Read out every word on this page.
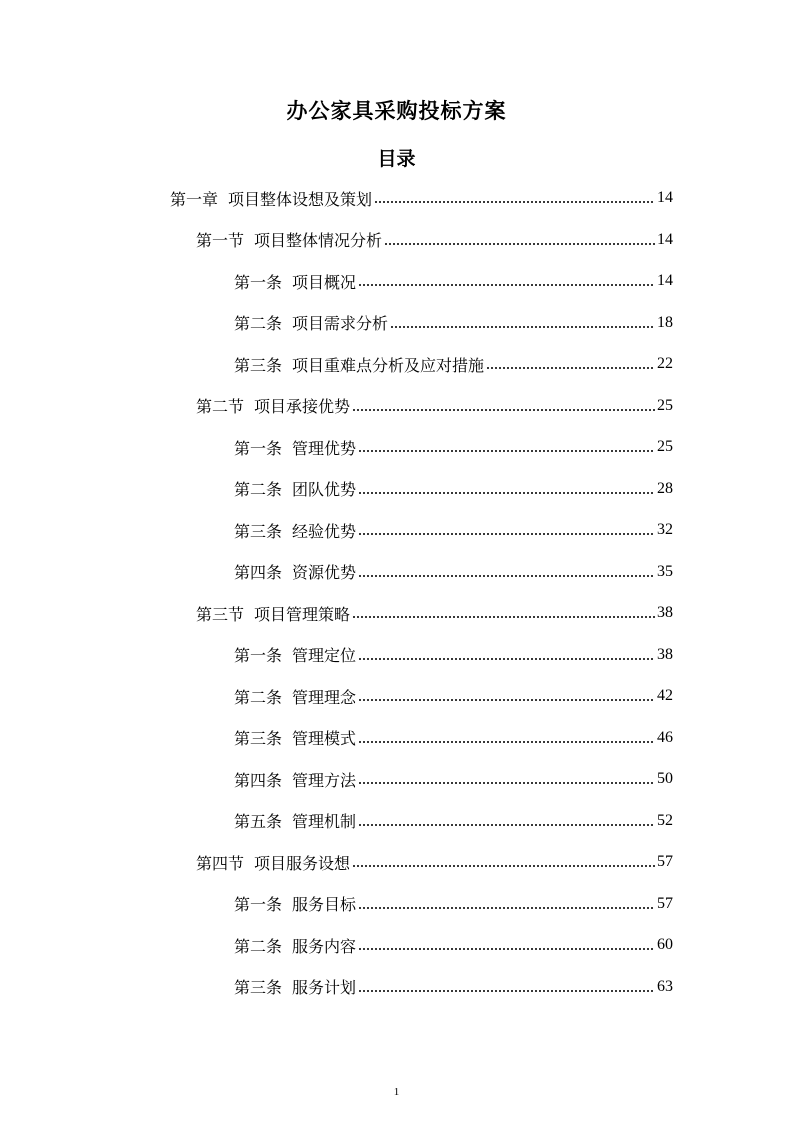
办公家具采购投标方案
目录
第一章 项目整体设想及策划	14
第一节 项目整体情况分析	14
第一条 项目概况	14
第二条 项目需求分析	18
第三条 项目重难点分析及应对措施	22
第二节 项目承接优势	25
第一条 管理优势	25
第二条 团队优势	28
第三条 经验优势	32
第四条 资源优势	35
第三节 项目管理策略	38
第一条 管理定位	38
第二条 管理理念	42
第三条 管理模式	46
第四条 管理方法	50
第五条 管理机制	52
第四节 项目服务设想	57
第一条 服务目标	57
第二条 服务内容	60
第三条 服务计划	63
1
